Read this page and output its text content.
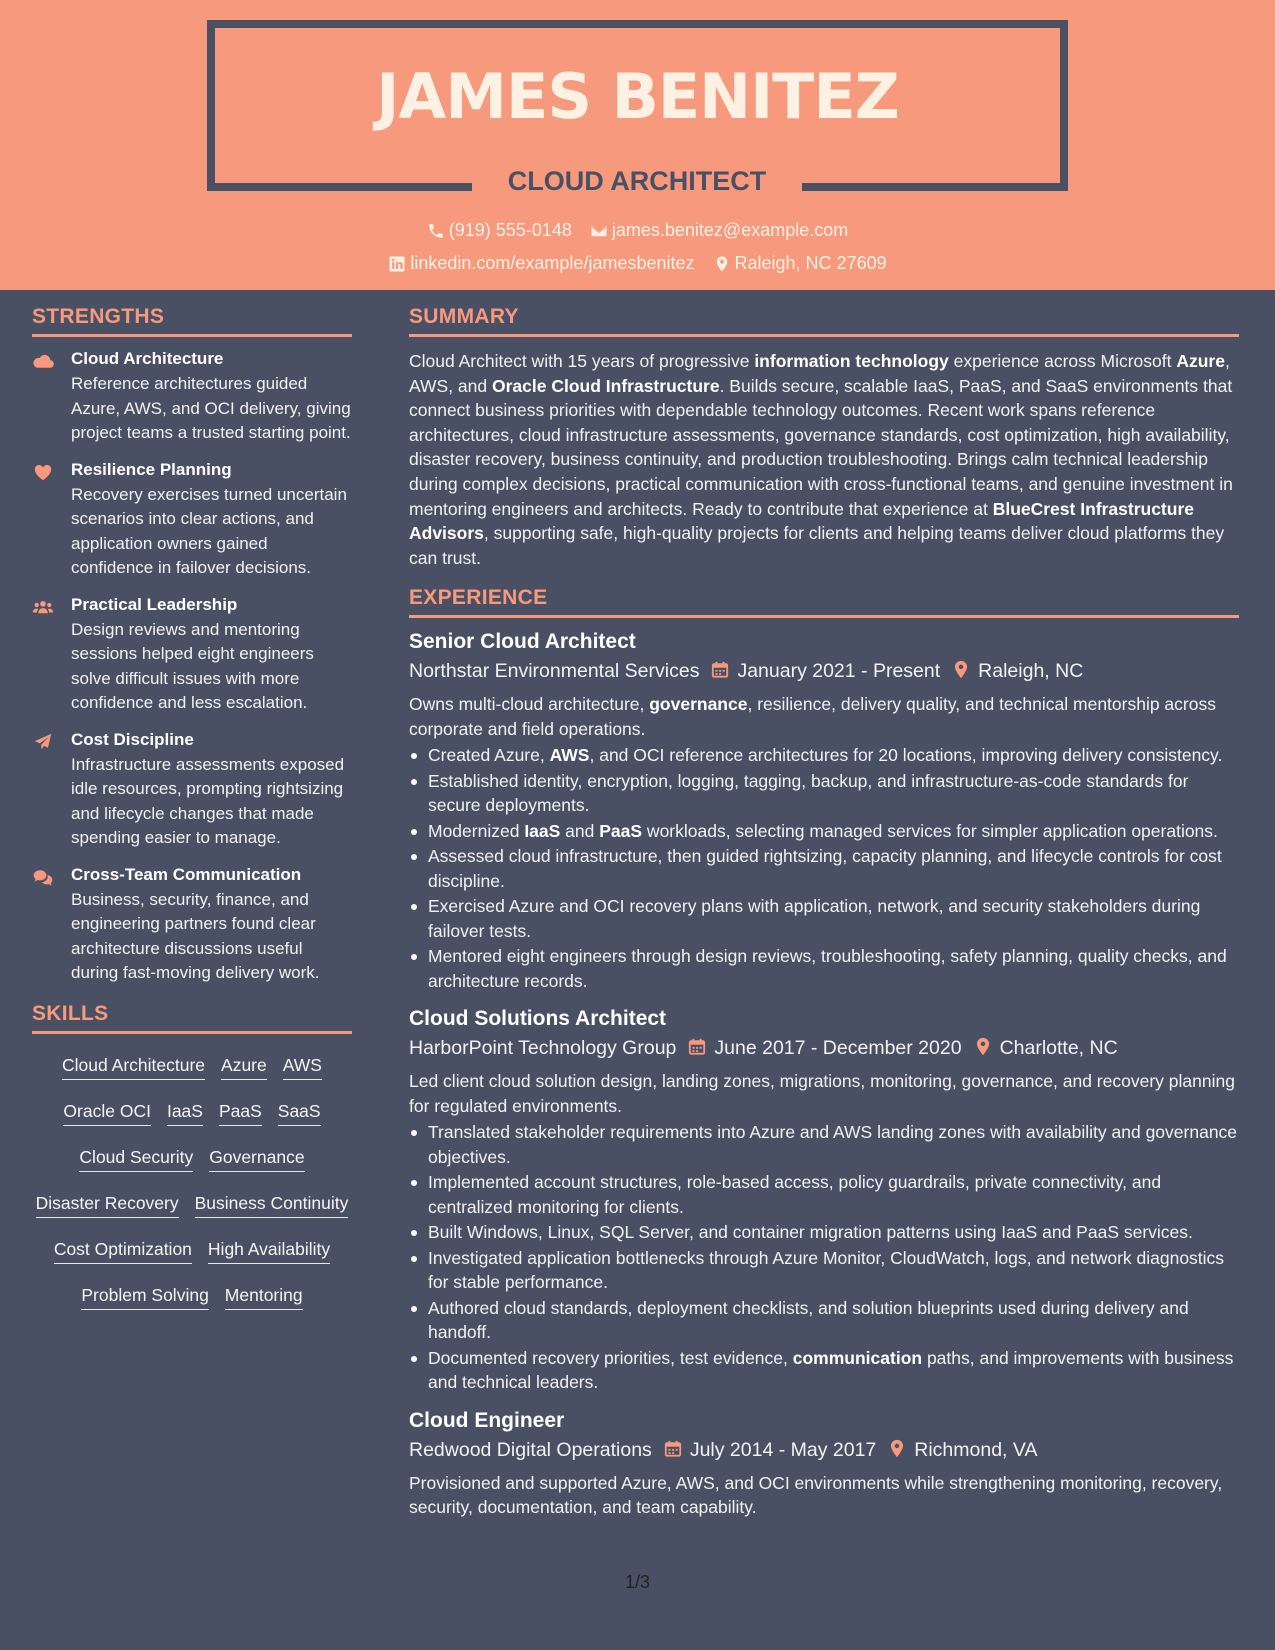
JAMES BENITEZ
CLOUD ARCHITECT
(919) 555-0148 james.benitez@example.com
linkedin.com/example/jamesbenitez Raleigh, NC 27609
STRENGTHS
Cloud Architecture
Reference architectures guided Azure, AWS, and OCI delivery, giving project teams a trusted starting point.
Resilience Planning
Recovery exercises turned uncertain scenarios into clear actions, and application owners gained confidence in failover decisions.
Practical Leadership
Design reviews and mentoring sessions helped eight engineers solve difficult issues with more confidence and less escalation.
Cost Discipline
Infrastructure assessments exposed idle resources, prompting rightsizing and lifecycle changes that made spending easier to manage.
Cross-Team Communication
Business, security, finance, and engineering partners found clear architecture discussions useful during fast-moving delivery work.
SKILLS
Cloud Architecture Azure AWS
Oracle OCI IaaS PaaS SaaS
Cloud Security Governance
Disaster Recovery Business Continuity
Cost Optimization High Availability
Problem Solving Mentoring
SUMMARY

Cloud Architect with 15 years of progressive information technology experience across Microsoft Azure, AWS, and Oracle Cloud Infrastructure. Builds secure, scalable IaaS, PaaS, and SaaS environments that connect business priorities with dependable technology outcomes. Recent work spans reference architectures, cloud infrastructure assessments, governance standards, cost optimization, high availability, disaster recovery, business continuity, and production troubleshooting. Brings calm technical leadership during complex decisions, practical communication with cross-functional teams, and genuine investment in mentoring engineers and architects. Ready to contribute that experience at BlueCrest Infrastructure Advisors, supporting safe, high-quality projects for clients and helping teams deliver cloud platforms they can trust.

EXPERIENCE
Senior Cloud Architect
Northstar Environmental Services January 2021 - Present Raleigh, NC

Owns multi-cloud architecture, governance, resilience, delivery quality, and technical mentorship across corporate and field operations.

Created Azure, AWS, and OCI reference architectures for 20 locations, improving delivery consistency.
Established identity, encryption, logging, tagging, backup, and infrastructure-as-code standards for secure deployments.
Modernized IaaS and PaaS workloads, selecting managed services for simpler application operations.
Assessed cloud infrastructure, then guided rightsizing, capacity planning, and lifecycle controls for cost discipline.
Exercised Azure and OCI recovery plans with application, network, and security stakeholders during failover tests.
Mentored eight engineers through design reviews, troubleshooting, safety planning, quality checks, and architecture records.
Cloud Solutions Architect
HarborPoint Technology Group June 2017 - December 2020 Charlotte, NC

Led client cloud solution design, landing zones, migrations, monitoring, governance, and recovery planning for regulated environments.

Translated stakeholder requirements into Azure and AWS landing zones with availability and governance objectives.
Implemented account structures, role-based access, policy guardrails, private connectivity, and centralized monitoring for clients.
Built Windows, Linux, SQL Server, and container migration patterns using IaaS and PaaS services.
Investigated application bottlenecks through Azure Monitor, CloudWatch, logs, and network diagnostics for stable performance.
Authored cloud standards, deployment checklists, and solution blueprints used during delivery and handoff.
Documented recovery priorities, test evidence, communication paths, and improvements with business and technical leaders.
Cloud Engineer
Redwood Digital Operations July 2014 - May 2017 Richmond, VA

Provisioned and supported Azure, AWS, and OCI environments while strengthening monitoring, recovery, security, documentation, and team capability.

1/3
